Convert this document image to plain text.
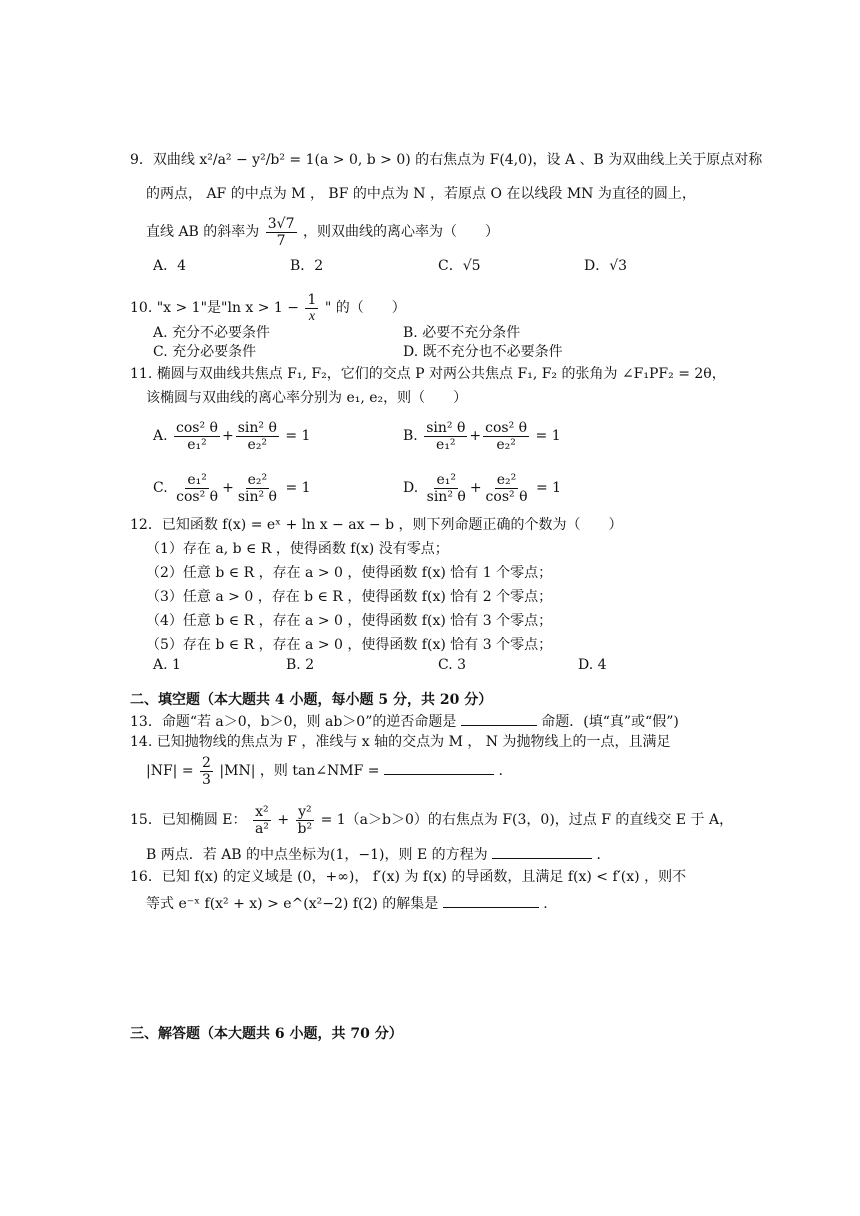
9．双曲线 x²/a² − y²/b² = 1(a > 0, b > 0) 的右焦点为 F(4,0)，设 A 、B 为双曲线上关于原点对称
的两点， AF 的中点为 M ， BF 的中点为 N ，若原点 O 在以线段 MN 为直径的圆上，
直线 AB 的斜率为 $\frac{3√7}{7}$ ，则双曲线的离心率为（　　）
A．4	B．2	C．√5	D．√3
10. "x > 1"是"ln $x > 1 - \frac{1}{x}$ " 的（　　）
A. 充分不必要条件	B. 必要不充分条件
C. 充分必要条件	D. 既不充分也不必要条件
11. 椭圆与双曲线共焦点 F₁, F₂，它们的交点 P 对两公共焦点 F₁, F₂ 的张角为 ∠F₁PF₂ = 2θ，
该椭圆与双曲线的离心率分别为 e₁, e₂，则（　　）
A. $\frac{\text{cos² θ}}{\text{e₁²}} + \frac{\text{sin² θ}}{\text{e₂²}} = 1$	B. $\frac{\text{sin² θ}}{\text{e₁²}} + \frac{\text{cos² θ}}{\text{e₂²}} = 1$
C. $\frac{\text{e₁²}}{\text{cos² θ}} + \frac{\text{e₂²}}{\text{sin² θ}} = 1$	D. $\frac{\text{e₁²}}{\text{sin² θ}} + \frac{\text{e₂²}}{\text{cos² θ}} = 1$
12．已知函数 f(x) = eˣ + ln x − ax − b ，则下列命题正确的个数为（　　）
（1）存在 a, b ∈ R ，使得函数 f(x) 没有零点；
（2）任意 b ∈ R ，存在 a > 0 ，使得函数 f(x) 恰有 1 个零点；
（3）任意 a > 0 ，存在 b ∈ R ，使得函数 f(x) 恰有 2 个零点；
（4）任意 b ∈ R ，存在 a > 0 ，使得函数 f(x) 恰有 3 个零点；
（5）存在 b ∈ R ，存在 a > 0 ，使得函数 f(x) 恰有 3 个零点；
A. 1	B. 2	C. 3	D. 4
二、填空题（本大题共 4 小题，每小题 5 分，共 20 分）
13．命题“若 a＞0，b＞0，则 ab＞0”的逆否命题是	命题．(填“真”或“假”)
14. 已知抛物线的焦点为 F ，准线与 x 轴的交点为 M ， N 为抛物线上的一点，且满足
$|NF| = \frac{2}{3} |MN|$ ，则 tan∠NMF =	.
15．已知椭圆 E： $\frac{\text{x²}}{\text{a²}} + \frac{\text{y²}}{\text{b²}} = 1(a>b>0)$的右焦点为 F(3，0)，过点 F 的直线交 E 于 A，
B 两点．若 AB 的中点坐标为(1，−1)，则 E 的方程为	．
16．已知 f(x) 的定义域是 (0，+∞)， f′(x) 为 f(x) 的导函数，且满足 f(x) < f′(x) ，则不
等式 e⁻ˣ f(x² + x) > e^(x²−2) f(2) 的解集是	.
三、解答题（本大题共 6 小题，共 70 分）
